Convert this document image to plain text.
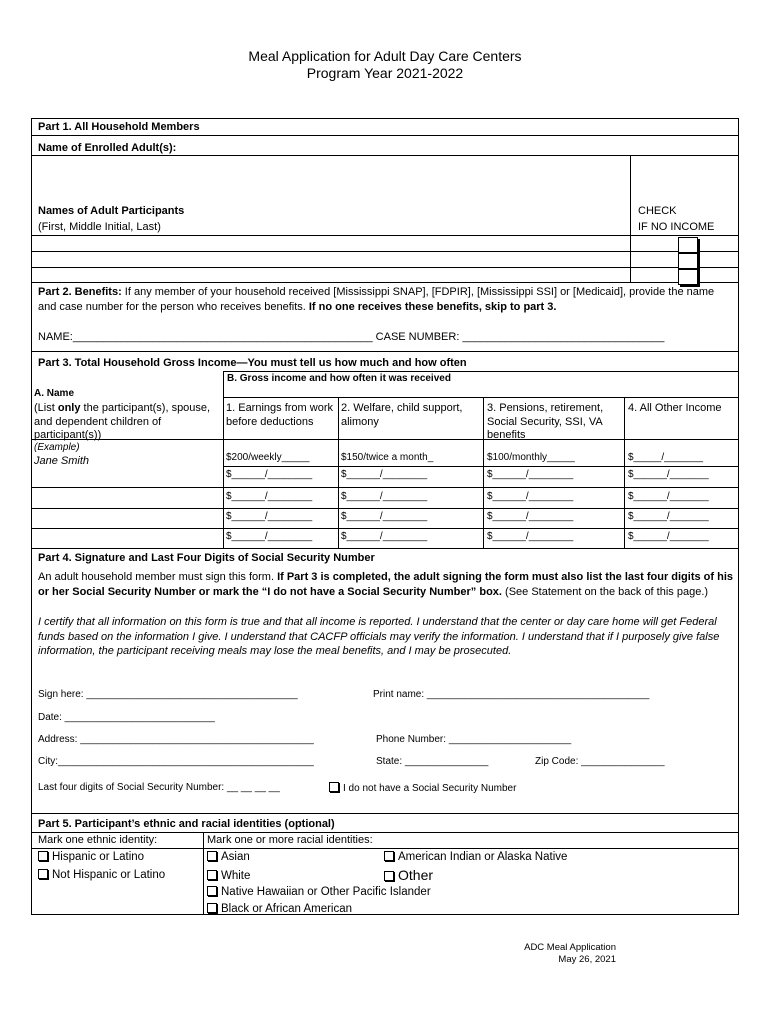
Meal Application for Adult Day Care Centers
Program Year 2021-2022
Part 1. All Household Members
Name of Enrolled Adult(s):
Names of Adult Participants
(First, Middle Initial, Last)
CHECK
IF NO INCOME
Part 2. Benefits: If any member of your household received [Mississippi SNAP], [FDPIR], [Mississippi SSI] or [Medicaid], provide the name and case number for the person who receives benefits. If no one receives these benefits, skip to part 3.
NAME:_________________________________________________ CASE NUMBER: _________________________________
Part 3. Total Household Gross Income—You must tell us how much and how often
B. Gross income and how often it was received
A. Name
(List only the participant(s), spouse, and dependent children of participant(s))
1. Earnings from work before deductions
2. Welfare, child support, alimony
3. Pensions, retirement, Social Security, SSI, VA benefits
4. All Other Income
(Example)
Jane Smith	$200/weekly_____	$150/twice a month_	$100/monthly_____	$_____/_______
$______/________	$______/________	$______/________	$______/_______
$______/________	$______/________	$______/________	$______/_______
$______/________	$______/________	$______/________	$______/_______
$______/________	$______/________	$______/________	$______/_______
Part 4. Signature and Last Four Digits of Social Security Number
An adult household member must sign this form. If Part 3 is completed, the adult signing the form must also list the last four digits of his or her Social Security Number or mark the “I do not have a Social Security Number” box. (See Statement on the back of this page.)
I certify that all information on this form is true and that all income is reported. I understand that the center or day care home will get Federal funds based on the information I give. I understand that CACFP officials may verify the information. I understand that if I purposely give false information, the participant receiving meals may lose the meal benefits, and I may be prosecuted.
Sign here: ______________________________________	Print name: ________________________________________
Date: ___________________________
Address: __________________________________________	Phone Number: ______________________
City:______________________________________________	State: _______________	Zip Code: _______________
Last four digits of Social Security Number: __ __ __ __	I do not have a Social Security Number
Part 5. Participant’s ethnic and racial identities (optional)
Mark one ethnic identity:	Mark one or more racial identities:
Hispanic or Latino
Not Hispanic or Latino
Asian	American Indian or Alaska Native
White	Other
Native Hawaiian or Other Pacific Islander
Black or African American
ADC Meal Application
May 26, 2021
